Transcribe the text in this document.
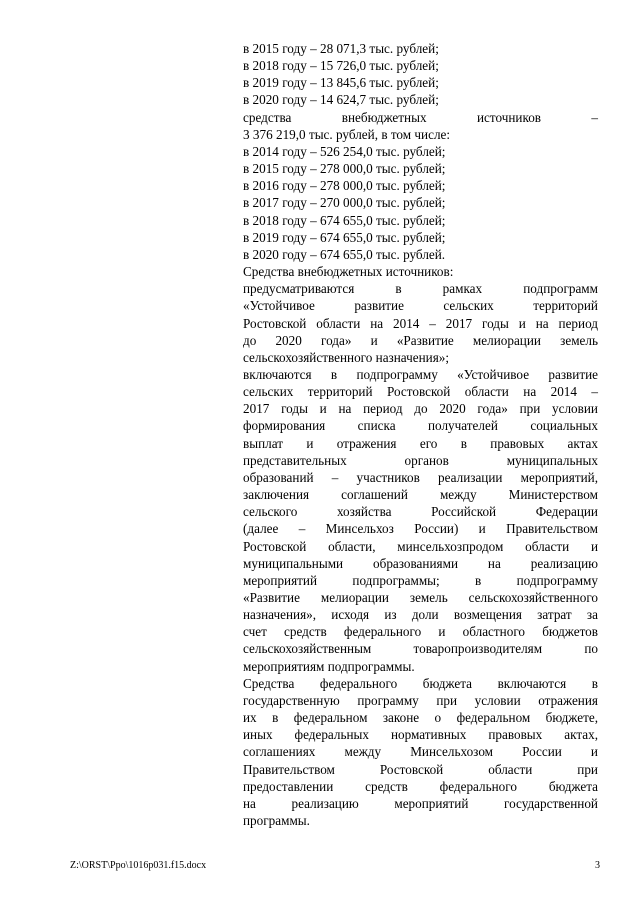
в 2015 году – 28 071,3 тыс. рублей;
в 2018 году – 15 726,0 тыс. рублей;
в 2019 году – 13 845,6 тыс. рублей;
в 2020 году – 14 624,7 тыс. рублей;
средства внебюджетных источников –
3 376 219,0 тыс. рублей, в том числе:
в 2014 году – 526 254,0 тыс. рублей;
в 2015 году – 278 000,0 тыс. рублей;
в 2016 году – 278 000,0 тыс. рублей;
в 2017 году – 270 000,0 тыс. рублей;
в 2018 году – 674 655,0 тыс. рублей;
в 2019 году – 674 655,0 тыс. рублей;
в 2020 году – 674 655,0 тыс. рублей.
Средства внебюджетных источников:
предусматриваются в рамках подпрограмм
«Устойчивое развитие сельских территорий
Ростовской области на 2014 – 2017 годы и на период
до 2020 года» и «Развитие мелиорации земель
сельскохозяйственного назначения»;
включаются в подпрограмму «Устойчивое развитие
сельских территорий Ростовской области на 2014 –
2017 годы и на период до 2020 года» при условии
формирования списка получателей социальных
выплат и отражения его в правовых актах
представительных органов муниципальных
образований – участников реализации мероприятий,
заключения соглашений между Министерством
сельского хозяйства Российской Федерации
(далее – Минсельхоз России) и Правительством
Ростовской области, минсельхозпродом области и
муниципальными образованиями на реализацию
мероприятий подпрограммы; в подпрограмму
«Развитие мелиорации земель сельскохозяйственного
назначения», исходя из доли возмещения затрат за
счет средств федерального и областного бюджетов
сельскохозяйственным товаропроизводителям по
мероприятиям подпрограммы.
Средства федерального бюджета включаются в
государственную программу при условии отражения
их в федеральном законе о федеральном бюджете,
иных федеральных нормативных правовых актах,
соглашениях между Минсельхозом России и
Правительством Ростовской области при
предоставлении средств федерального бюджета
на реализацию мероприятий государственной
программы.
Z:\ORST\Ppo\1016p031.f15.docx	3
